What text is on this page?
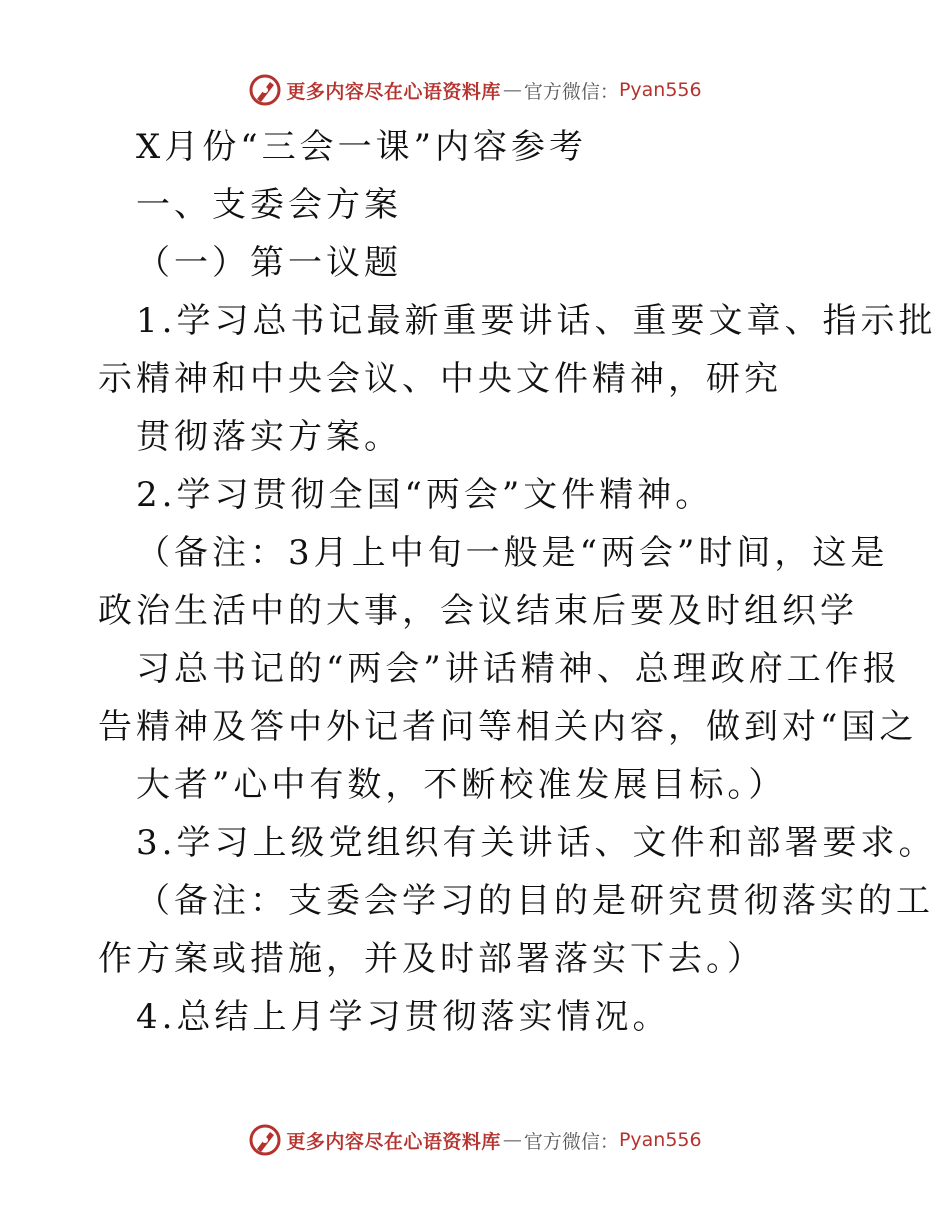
更多内容尽在心语资料库 — 官方微信： Pyan556
X月份“三会一课”内容参考
一、支委会方案
（一）第一议题
1.学习总书记最新重要讲话、重要文章、指示批
示精神和中央会议、中央文件精神，研究
贯彻落实方案。
2.学习贯彻全国“两会”文件精神。
（备注：3月上中旬一般是“两会”时间，这是
政治生活中的大事，会议结束后要及时组织学
习总书记的“两会”讲话精神、总理政府工作报
告精神及答中外记者问等相关内容，做到对“国之
大者”心中有数，不断校准发展目标。）
3.学习上级党组织有关讲话、文件和部署要求。
（备注：支委会学习的目的是研究贯彻落实的工
作方案或措施，并及时部署落实下去。）
4.总结上月学习贯彻落实情况。
更多内容尽在心语资料库 — 官方微信： Pyan556
